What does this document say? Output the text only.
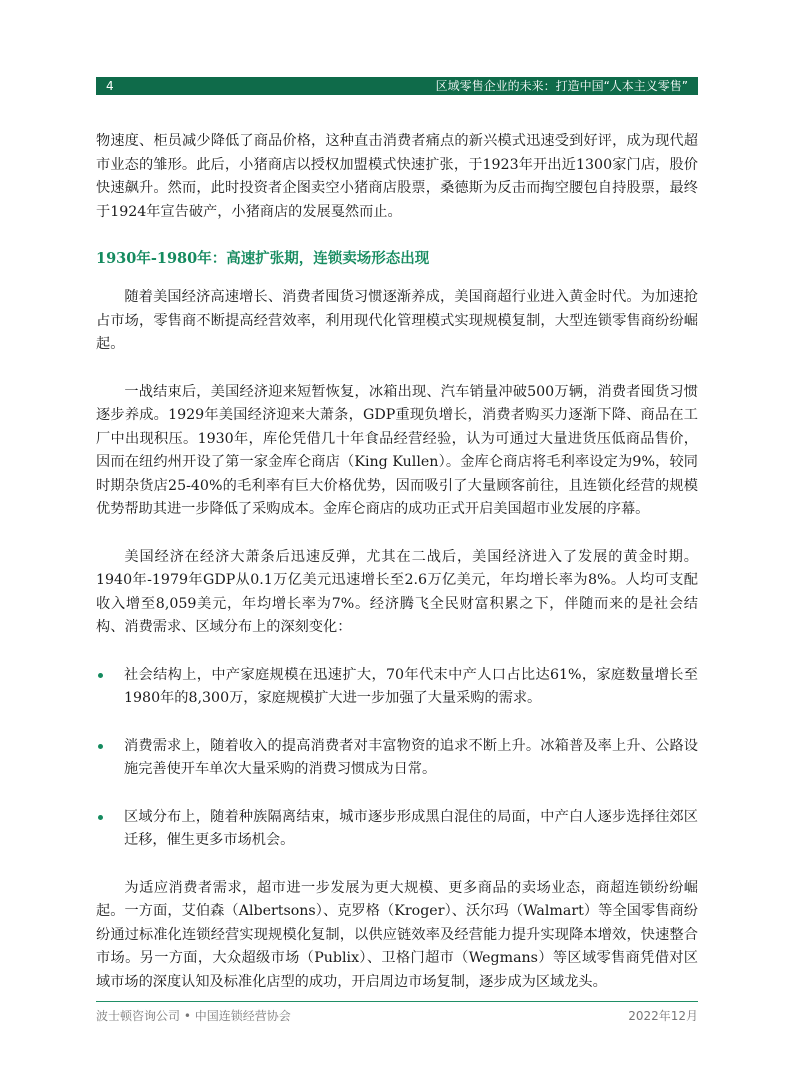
4	区域零售企业的未来：打造中国“人本主义零售”

物速度、柜员减少降低了商品价格，这种直击消费者痛点的新兴模式迅速受到好评，成为现代超市业态的雏形。此后，小猪商店以授权加盟模式快速扩张，于1923年开出近1300家门店，股价快速飙升。然而，此时投资者企图卖空小猪商店股票，桑德斯为反击而掏空腰包自持股票，最终于1924年宣告破产，小猪商店的发展戛然而止。

1930年-1980年：高速扩张期，连锁卖场形态出现

随着美国经济高速增长、消费者囤货习惯逐渐养成，美国商超行业进入黄金时代。为加速抢占市场，零售商不断提高经营效率，利用现代化管理模式实现规模复制，大型连锁零售商纷纷崛起。

一战结束后，美国经济迎来短暂恢复，冰箱出现、汽车销量冲破500万辆，消费者囤货习惯逐步养成。1929年美国经济迎来大萧条，GDP重现负增长，消费者购买力逐渐下降、商品在工厂中出现积压。1930年，库伦凭借几十年食品经营经验，认为可通过大量进货压低商品售价，因而在纽约州开设了第一家金库仑商店（King Kullen）。金库仑商店将毛利率设定为9%，较同时期杂货店25-40%的毛利率有巨大价格优势，因而吸引了大量顾客前往，且连锁化经营的规模优势帮助其进一步降低了采购成本。金库仑商店的成功正式开启美国超市业发展的序幕。

美国经济在经济大萧条后迅速反弹，尤其在二战后，美国经济进入了发展的黄金时期。1940年-1979年GDP从0.1万亿美元迅速增长至2.6万亿美元，年均增长率为8%。人均可支配收入增至8,059美元，年均增长率为7%。经济腾飞全民财富积累之下，伴随而来的是社会结构、消费需求、区域分布上的深刻变化：

社会结构上，中产家庭规模在迅速扩大，70年代末中产人口占比达61%，家庭数量增长至1980年的8,300万，家庭规模扩大进一步加强了大量采购的需求。

消费需求上，随着收入的提高消费者对丰富物资的追求不断上升。冰箱普及率上升、公路设施完善使开车单次大量采购的消费习惯成为日常。

区域分布上，随着种族隔离结束，城市逐步形成黑白混住的局面，中产白人逐步选择往郊区迁移，催生更多市场机会。

为适应消费者需求，超市进一步发展为更大规模、更多商品的卖场业态，商超连锁纷纷崛起。一方面，艾伯森（Albertsons）、克罗格（Kroger）、沃尔玛（Walmart）等全国零售商纷纷通过标准化连锁经营实现规模化复制，以供应链效率及经营能力提升实现降本增效，快速整合市场。另一方面，大众超级市场（Publix）、卫格门超市（Wegmans）等区域零售商凭借对区域市场的深度认知及标准化店型的成功，开启周边市场复制，逐步成为区域龙头。

波士顿咨询公司 • 中国连锁经营协会	2022年12月
